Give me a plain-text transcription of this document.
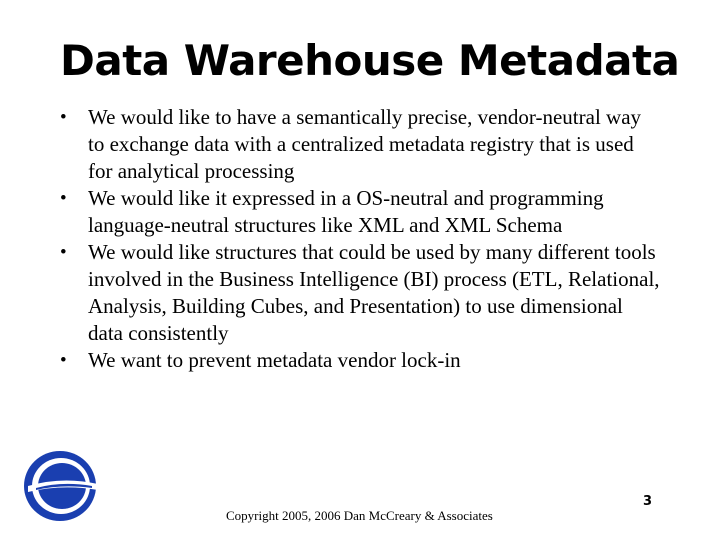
Data Warehouse Metadata
•	We would like to have a semantically precise, vendor-neutral way to exchange data with a centralized metadata registry that is used for analytical processing
•	We would like it expressed in a OS-neutral and programming language-neutral structures like XML and XML Schema
•	We would like structures that could be used by many different tools involved in the Business Intelligence (BI) process (ETL, Relational, Analysis, Building Cubes, and Presentation) to use dimensional data consistently
•	We want to prevent metadata vendor lock-in
Copyright 2005, 2006 Dan McCreary & Associates
3
